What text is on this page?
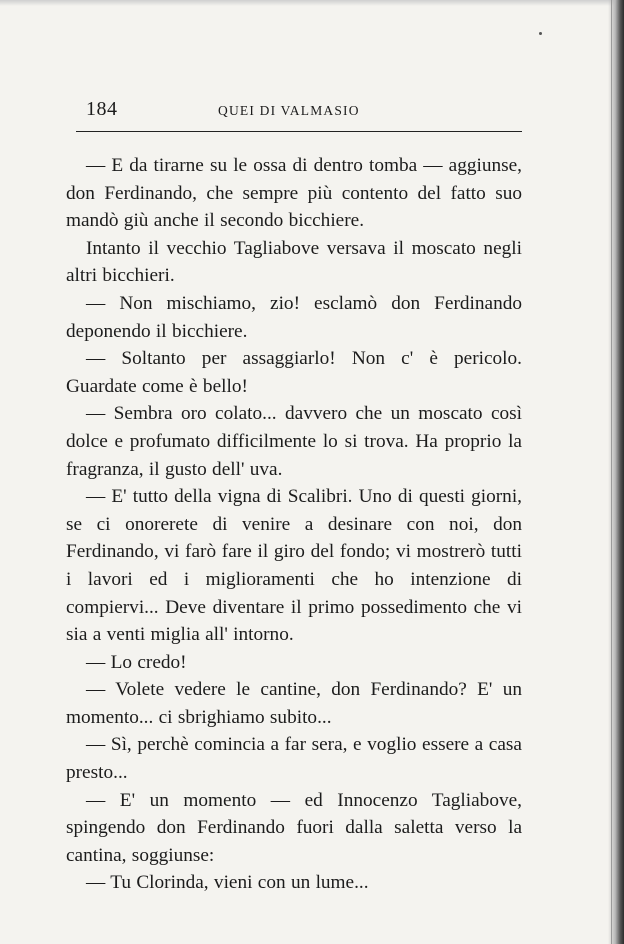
184	QUEI DI VALMASIO

— E da tirarne su le ossa di dentro tomba — aggiunse, don Ferdinando, che sempre più contento del fatto suo mandò giù anche il secondo bicchiere.

Intanto il vecchio Tagliabove versava il moscato negli altri bicchieri.

— Non mischiamo, zio! esclamò don Ferdinando deponendo il bicchiere.

— Soltanto per assaggiarlo! Non c' è pericolo. Guardate come è bello!

— Sembra oro colato... davvero che un moscato così dolce e profumato difficilmente lo si trova. Ha proprio la fragranza, il gusto dell' uva.

— E' tutto della vigna di Scalibri. Uno di questi giorni, se ci onorerete di venire a desinare con noi, don Ferdinando, vi farò fare il giro del fondo; vi mostrerò tutti i lavori ed i miglioramenti che ho intenzione di compiervi... Deve diventare il primo possedimento che vi sia a venti miglia all' intorno.

— Lo credo!

— Volete vedere le cantine, don Ferdinando? E' un momento... ci sbrighiamo subito...

— Sì, perchè comincia a far sera, e voglio essere a casa presto...

— E' un momento — ed Innocenzo Tagliabove, spingendo don Ferdinando fuori dalla saletta verso la cantina, soggiunse:

— Tu Clorinda, vieni con un lume...
